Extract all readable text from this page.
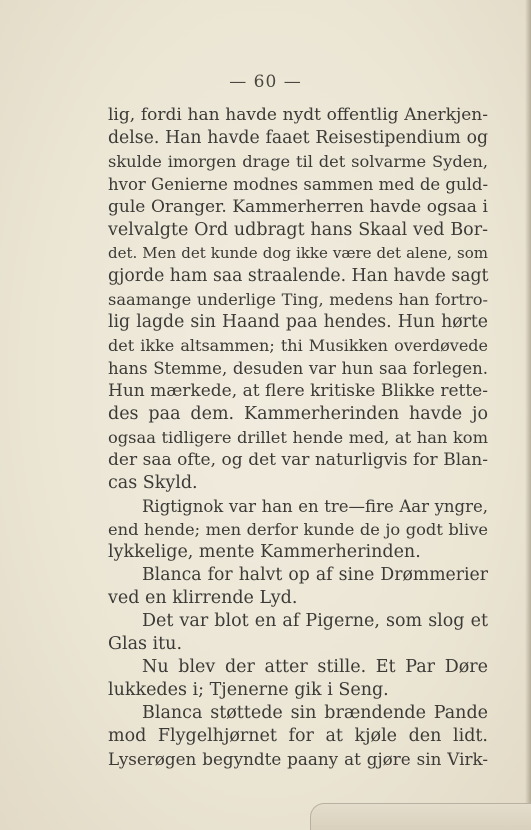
— 60 —
lig, fordi han havde nydt offentlig Anerkjen-
delse. Han havde faaet Reisestipendium og
skulde imorgen drage til det solvarme Syden,
hvor Genierne modnes sammen med de guld-
gule Oranger. Kammerherren havde ogsaa i
velvalgte Ord udbragt hans Skaal ved Bor-
det. Men det kunde dog ikke være det alene, som
gjorde ham saa straalende. Han havde sagt
saamange underlige Ting, medens han fortro-
lig lagde sin Haand paa hendes. Hun hørte
det ikke altsammen; thi Musikken overdøvede
hans Stemme, desuden var hun saa forlegen.
Hun mærkede, at flere kritiske Blikke rette-
des paa dem. Kammerherinden havde jo
ogsaa tidligere drillet hende med, at han kom
der saa ofte, og det var naturligvis for Blan-
cas Skyld.
Rigtignok var han en tre—fire Aar yngre,
end hende; men derfor kunde de jo godt blive
lykkelige, mente Kammerherinden.
Blanca for halvt op af sine Drømmerier
ved en klirrende Lyd.
Det var blot en af Pigerne, som slog et
Glas itu.
Nu blev der atter stille. Et Par Døre
lukkedes i; Tjenerne gik i Seng.
Blanca støttede sin brændende Pande
mod Flygelhjørnet for at kjøle den lidt.
Lyserøgen begyndte paany at gjøre sin Virk-
